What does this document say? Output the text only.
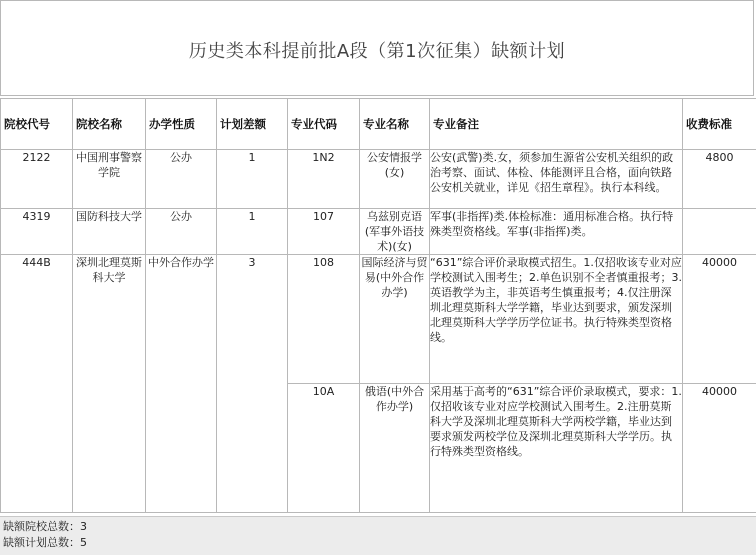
历史类本科提前批A段（第1次征集）缺额计划
院校代号	院校名称	办学性质	计划差额	专业代码	专业名称	专业备注	收费标准
2122	中国刑事警察学院	公办	1	1N2	公安情报学(女)	公安(武警)类.女，须参加生源省公安机关组织的政治考察、面试、体检、体能测评且合格，面向铁路公安机关就业，详见《招生章程》。执行本科线。	4800
4319	国防科技大学	公办	1	107	乌兹别克语(军事外语技术)(女)	军事(非指挥)类.体检标准：通用标准合格。执行特殊类型资格线。军事(非指挥)类。	
444B	深圳北理莫斯科大学	中外合作办学	3	108	国际经济与贸易(中外合作办学)	“631”综合评价录取模式招生。1.仅招收该专业对应学校测试入围考生；2.单色识别不全者慎重报考；3.英语教学为主，非英语考生慎重报考；4.仅注册深圳北理莫斯科大学学籍，毕业达到要求，颁发深圳北理莫斯科大学学历学位证书。执行特殊类型资格线。	40000
				10A	俄语(中外合作办学)	采用基于高考的“631”综合评价录取模式，要求：1.仅招收该专业对应学校测试入围考生。2.注册莫斯科大学及深圳北理莫斯科大学两校学籍，毕业达到要求颁发两校学位及深圳北理莫斯科大学学历。执行特殊类型资格线。	40000
缺额院校总数：3
缺额计划总数：5
